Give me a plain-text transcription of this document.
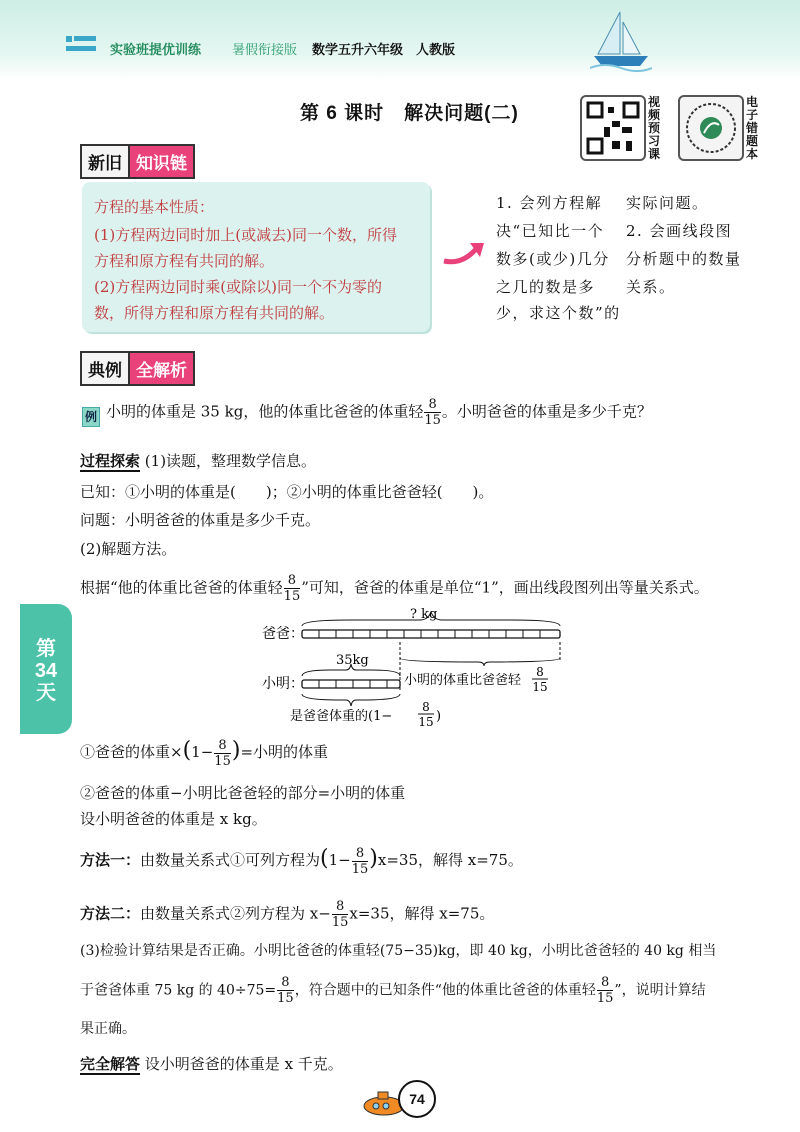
实验班提优训练 暑假衔接版 数学五升六年级 人教版
第 6 课时　解决问题(二)
视频预习课
电子错题本
新旧 知识链
方程的基本性质：
(1)方程两边同时加上(或减去)同一个数，所得
方程和原方程有共同的解。
(2)方程两边同时乘(或除以)同一个不为零的
数，所得方程和原方程有共同的解。
1. 会列方程解
决“已知比一个
数多(或少)几分
之几的数是多
少，求这个数”的
实际问题。
2. 会画线段图
分析题中的数量
关系。
典例 全解析
例 小明的体重是 35 kg，他的体重比爸爸的体重轻 $\frac{8}{15}$ 。小明爸爸的体重是多少千克？
过程探索 (1)读题，整理数学信息。
已知：①小明的体重是(　　)；②小明的体重比爸爸轻(　　)。
问题：小明爸爸的体重是多少千克。
(2)解题方法。
根据“他的体重比爸爸的体重轻 $\frac{8}{15}$ ”可知，爸爸的体重是单位“1”，画出线段图列出等量关系式。
爸爸：
? kg
小明：
35kg
小明的体重比爸爸轻
8
15
是爸爸体重的(1−
8
15 )
①爸爸的体重$\times(1- \frac{8}{15}$ )=小明的体重
②爸爸的体重−小明比爸爸轻的部分=小明的体重
设小明爸爸的体重是 x kg。
方法一：由数量关系式①可列方程为$(1- \frac{8}{15} )x=35$，解得 x=75。
方法二：由数量关系式②列方程为 $x- \frac{8}{15} x=35$，解得 x=75。
(3)检验计算结果是否正确。小明比爸爸的体重轻(75−35)kg，即 40 kg，小明比爸爸轻的 40 kg 相当
于爸爸体重 75 kg 的 $40\div 75= \frac{8}{15}$ ，符合题中的已知条件“他的体重比爸爸的体重轻 $\frac{8}{15}$ ”，说明计算结
果正确。
完全解答 设小明爸爸的体重是 x 千克。
第
34
天
74
